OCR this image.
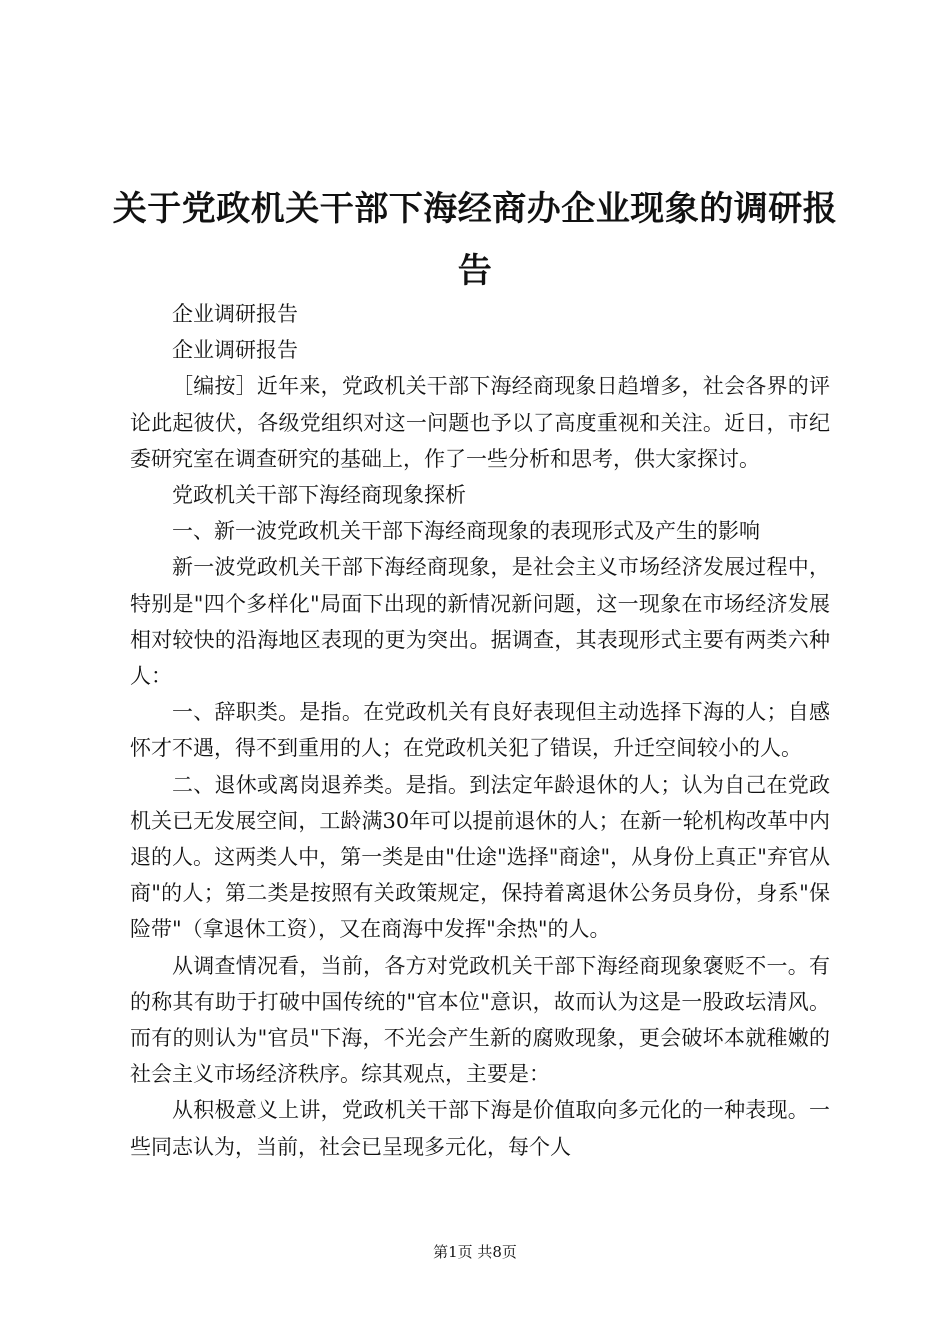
关于党政机关干部下海经商办企业现象的调研报告

企业调研报告

企业调研报告

［编按］近年来，党政机关干部下海经商现象日趋增多，社会各界的评论此起彼伏，各级党组织对这一问题也予以了高度重视和关注。近日，市纪委研究室在调查研究的基础上，作了一些分析和思考，供大家探讨。

党政机关干部下海经商现象探析

一、新一波党政机关干部下海经商现象的表现形式及产生的影响

新一波党政机关干部下海经商现象，是社会主义市场经济发展过程中，特别是"四个多样化"局面下出现的新情况新问题，这一现象在市场经济发展相对较快的沿海地区表现的更为突出。据调查，其表现形式主要有两类六种人：

一、辞职类。是指。在党政机关有良好表现但主动选择下海的人；自感怀才不遇，得不到重用的人；在党政机关犯了错误，升迁空间较小的人。

二、退休或离岗退养类。是指。到法定年龄退休的人；认为自己在党政机关已无发展空间，工龄满30年可以提前退休的人；在新一轮机构改革中内退的人。这两类人中，第一类是由"仕途"选择"商途"，从身份上真正"弃官从商"的人；第二类是按照有关政策规定，保持着离退休公务员身份，身系"保险带"（拿退休工资），又在商海中发挥"余热"的人。

从调查情况看，当前，各方对党政机关干部下海经商现象褒贬不一。有的称其有助于打破中国传统的"官本位"意识，故而认为这是一股政坛清风。而有的则认为"官员"下海，不光会产生新的腐败现象，更会破坏本就稚嫩的社会主义市场经济秩序。综其观点，主要是：

从积极意义上讲，党政机关干部下海是价值取向多元化的一种表现。一些同志认为，当前，社会已呈现多元化，每个人

第1页 共8页
